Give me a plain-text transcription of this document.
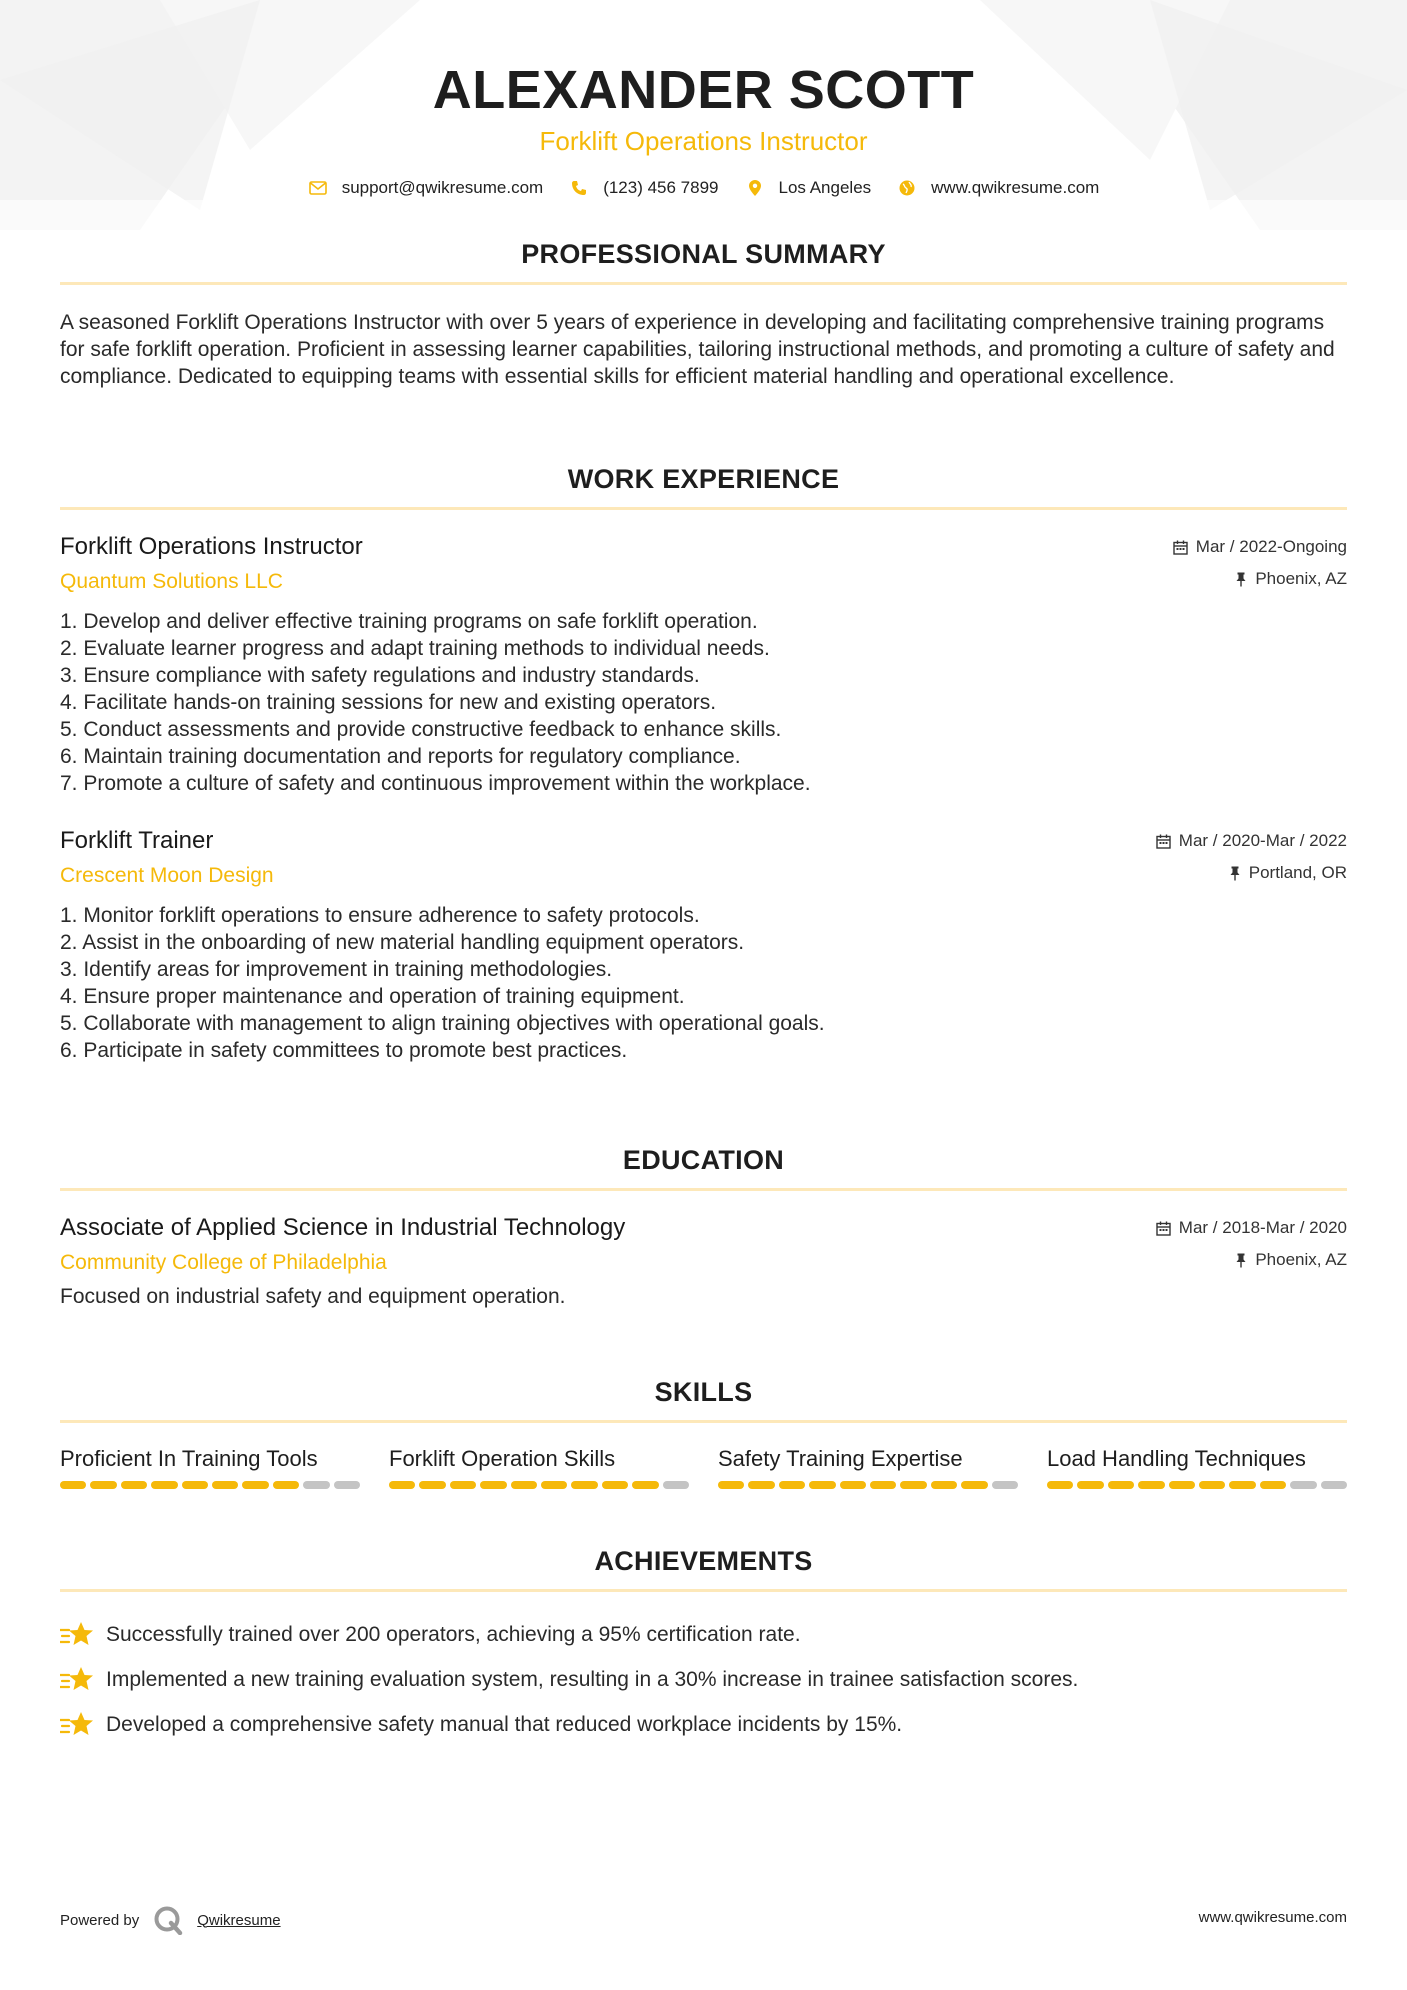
ALEXANDER SCOTT
Forklift Operations Instructor
support@qwikresume.com	(123) 456 7899	Los Angeles	www.qwikresume.com
PROFESSIONAL SUMMARY
A seasoned Forklift Operations Instructor with over 5 years of experience in developing and facilitating comprehensive training programs for safe forklift operation. Proficient in assessing learner capabilities, tailoring instructional methods, and promoting a culture of safety and compliance. Dedicated to equipping teams with essential skills for efficient material handling and operational excellence.
WORK EXPERIENCE
Forklift Operations Instructor
Quantum Solutions LLC
Mar / 2022-Ongoing
Phoenix, AZ
1. Develop and deliver effective training programs on safe forklift operation.
2. Evaluate learner progress and adapt training methods to individual needs.
3. Ensure compliance with safety regulations and industry standards.
4. Facilitate hands-on training sessions for new and existing operators.
5. Conduct assessments and provide constructive feedback to enhance skills.
6. Maintain training documentation and reports for regulatory compliance.
7. Promote a culture of safety and continuous improvement within the workplace.
Forklift Trainer
Crescent Moon Design
Mar / 2020-Mar / 2022
Portland, OR
1. Monitor forklift operations to ensure adherence to safety protocols.
2. Assist in the onboarding of new material handling equipment operators.
3. Identify areas for improvement in training methodologies.
4. Ensure proper maintenance and operation of training equipment.
5. Collaborate with management to align training objectives with operational goals.
6. Participate in safety committees to promote best practices.
EDUCATION
Associate of Applied Science in Industrial Technology
Community College of Philadelphia
Mar / 2018-Mar / 2020
Phoenix, AZ
Focused on industrial safety and equipment operation.
SKILLS
Proficient In Training Tools	Forklift Operation Skills	Safety Training Expertise	Load Handling Techniques
ACHIEVEMENTS
Successfully trained over 200 operators, achieving a 95% certification rate.
Implemented a new training evaluation system, resulting in a 30% increase in trainee satisfaction scores.
Developed a comprehensive safety manual that reduced workplace incidents by 15%.
Powered by	Qwikresume	www.qwikresume.com
